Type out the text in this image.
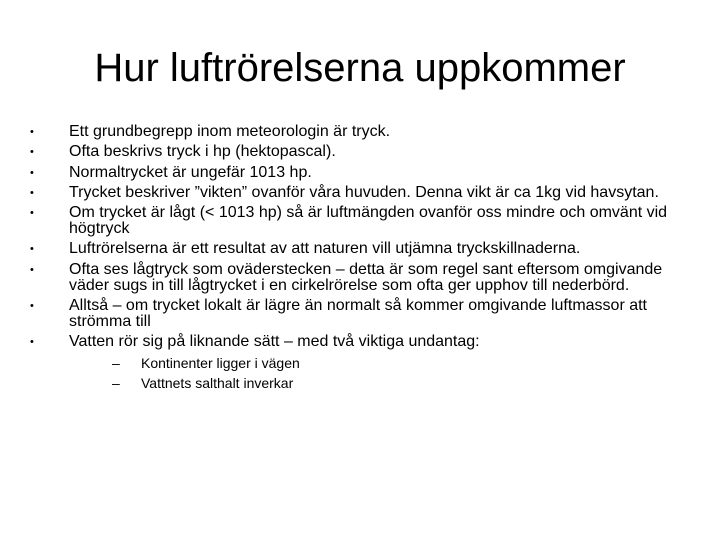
Hur luftrörelserna uppkommer
•	Ett grundbegrepp inom meteorologin är tryck.
•	Ofta beskrivs tryck i hp (hektopascal).
•	Normaltrycket är ungefär 1013 hp.
•	Trycket beskriver ”vikten” ovanför våra huvuden. Denna vikt är ca 1kg vid havsytan.
•	Om trycket är lågt (< 1013 hp) så är luftmängden ovanför oss mindre och omvänt vid högtryck
•	Luftrörelserna är ett resultat av att naturen vill utjämna tryckskillnaderna.
•	Ofta ses lågtryck som ovädersteckеn – detta är som regel sant eftersom omgivande väder sugs in till lågtrycket i en cirkelrörelse som ofta ger upphov till nederbörd.
•	Alltså – om trycket lokalt är lägre än normalt så kommer omgivande luftmassor att strömma till
•	Vatten rör sig på liknande sätt – med två viktiga undantag:
– Kontinenter ligger i vägen
– Vattnets salthalt inverkar
